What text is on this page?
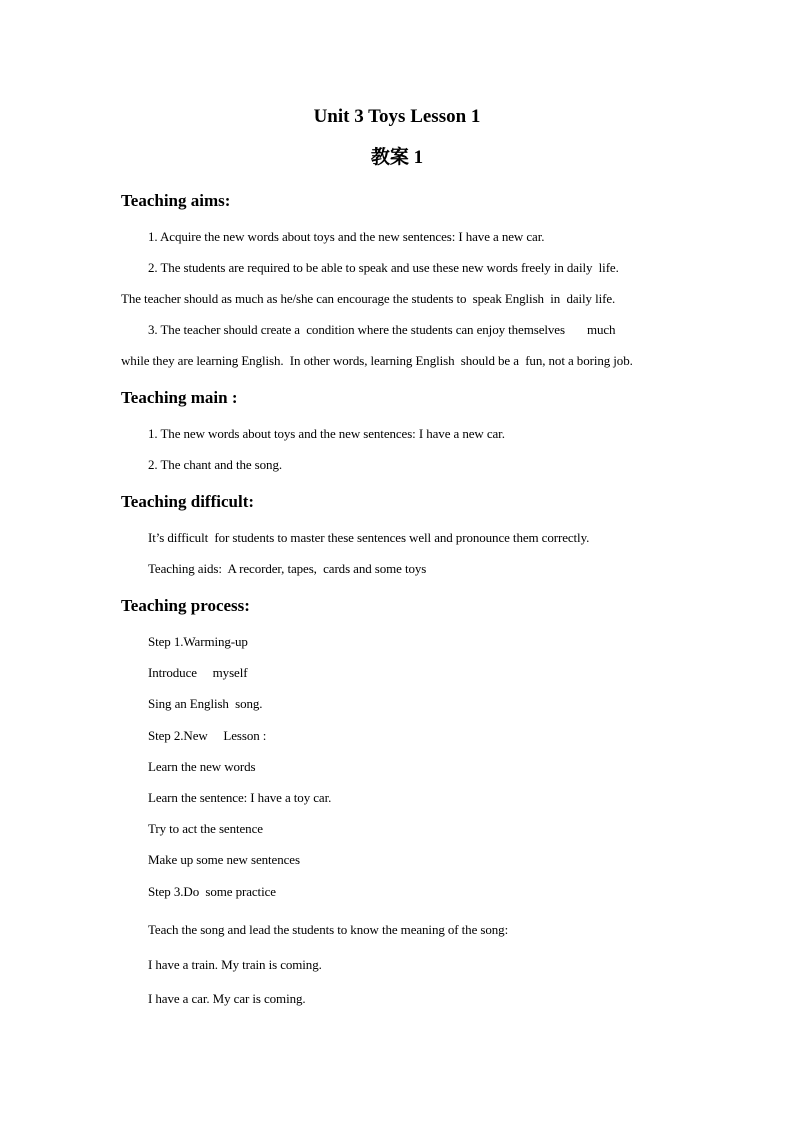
Unit 3 Toys Lesson 1
教案 1
Teaching aims:
1. Acquire the new words about toys and the new sentences: I have a new car.
2. The students are required to be able to speak and use these new words freely in daily  life.
The teacher should as much as he/she can encourage the students to  speak English  in  daily life.
3. The teacher should create a  condition where the students can enjoy themselves       much
while they are learning English.  In other words, learning English  should be a  fun, not a boring job.
Teaching main :
1. The new words about toys and the new sentences: I have a new car.
2. The chant and the song.
Teaching difficult:
It’s difficult  for students to master these sentences well and pronounce them correctly.
Teaching aids:  A recorder, tapes,  cards and some toys
Teaching process:
Step 1.Warming-up
Introduce     myself
Sing an English  song.
Step 2.New     Lesson :
Learn the new words
Learn the sentence: I have a toy car.
Try to act the sentence
Make up some new sentences
Step 3.Do  some practice
Teach the song and lead the students to know the meaning of the song:
I have a train. My train is coming.
I have a car. My car is coming.
